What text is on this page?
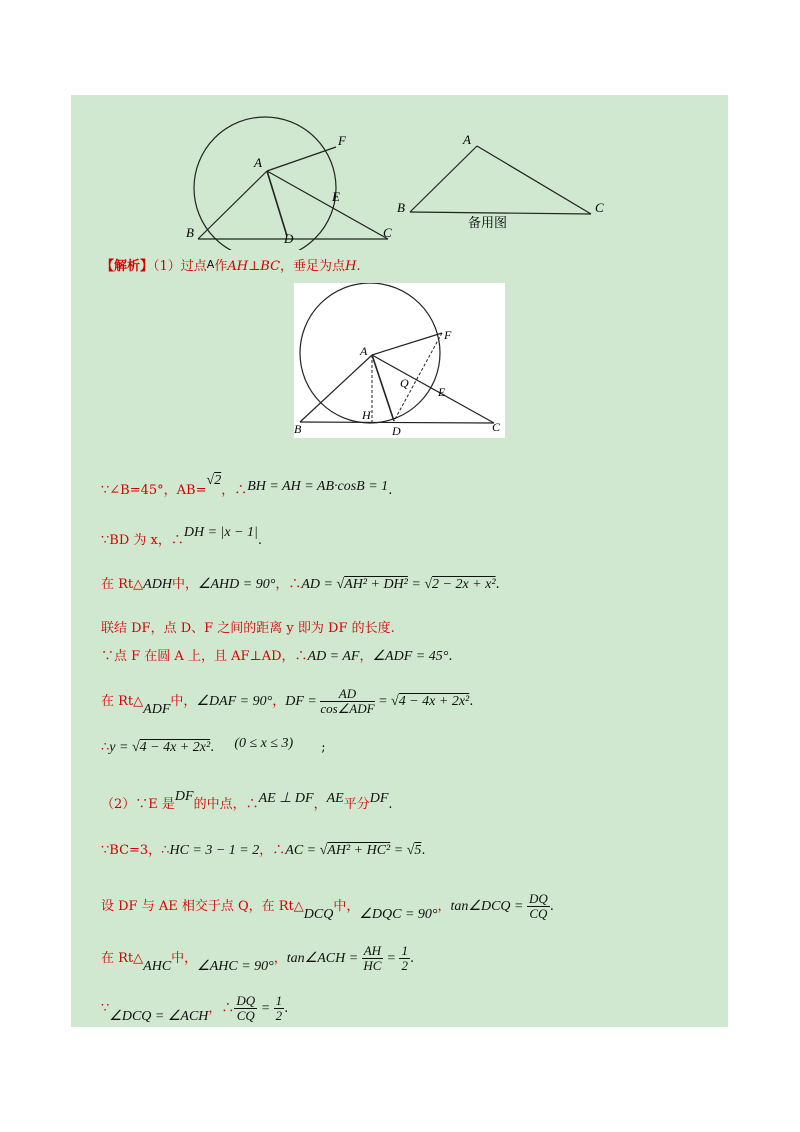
A
F
E
B	D	C
A
B	C
备用图
【解析】（1）过点A作AH⊥BC，垂足为点H.
A
F
Q
E
H
B	D	C
∵∠B=45°，AB=√2，∴BH = AH = AB·cosB = 1.
∵BD 为 x，∴DH = |x − 1|.
在 Rt△ADH中，∠AHD = 90°，∴AD = √AH² + DH² = √2 − 2x + x².
联结 DF，点 D、F 之间的距离 y 即为 DF 的长度.
∵点 F 在圆 A 上，且 AF⊥AD，∴AD = AF，∠ADF = 45°.
在 Rt△ADF中，∠DAF = 90°，DF = $\frac{AD}{\text{cos∠ADF}} = √4 - 4x + 2x^2$.
∴y = √4 − 4x + 2x². (0 ≤ x ≤ 3) ;
（2）∵E 是DF的中点，∴AE ⊥ DF，AE平分DF.
∵BC=3，∴HC = 3 − 1 = 2，∴AC = √AH² + HC² = √5.
设 DF 与 AE 相交于点 Q，在 Rt△DCQ中，∠DQC = 90°，tan∠DCQ = $\frac{DQ}{CQ}$ .
在 Rt△AHC中，∠AHC = 90°，tan∠ACH = $\frac{AH}{HC} = \frac{1}{2}$ .
∵∠DCQ = ∠ACH，∴ $\frac{DQ}{CQ} = \frac{1}{2}$ .
